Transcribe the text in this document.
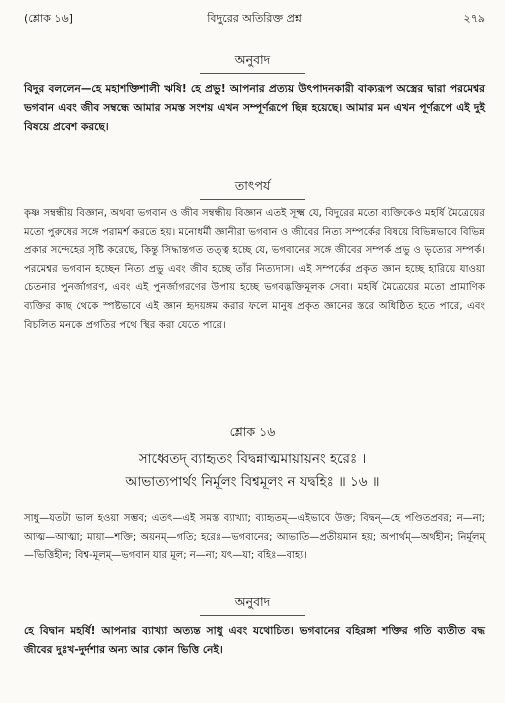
(শ্লোক ১৬]	বিদুরের অতিরিক্ত প্রশ্ন	২৭৯
অনুবাদ
বিদুর বললেন—হে মহাশক্তিশালী ঋষি! হে প্রভু! আপনার প্রত্যয় উৎপাদনকারী বাক্যরূপ অস্ত্রের দ্বারা পরমেশ্বর ভগবান এবং জীব সম্বন্ধে আমার সমস্ত সংশয় এখন সম্পূর্ণরূপে ছিন্ন হয়েছে। আমার মন এখন পূর্ণরূপে এই দুই বিষয়ে প্রবেশ করছে।
তাৎপর্য
কৃষ্ণ সম্বন্ধীয় বিজ্ঞান, অথবা ভগবান ও জীব সম্বন্ধীয় বিজ্ঞান এতই সূক্ষ্ম যে, বিদুরের মতো ব্যক্তিকেও মহর্ষি মৈত্রেয়ের মতো পুরুষের সঙ্গে পরামর্শ করতে হয়। মনোধর্মী জ্ঞানীরা ভগবান ও জীবের নিত্য সম্পর্কের বিষয়ে বিভিন্নভাবে বিভিন্ন প্রকার সন্দেহের সৃষ্টি করেছে, কিন্তু সিদ্ধান্তগত তত্ত্ব হচ্ছে যে, ভগবানের সঙ্গে জীবের সম্পর্ক প্রভু ও ভৃত্যের সম্পর্ক। পরমেশ্বর ভগবান হচ্ছেন নিত্য প্রভু এবং জীব হচ্ছে তাঁর নিত্যদাস। এই সম্পর্কের প্রকৃত জ্ঞান হচ্ছে হারিয়ে যাওয়া চেতনার পুনর্জাগরণ, এবং এই পুনর্জাগরণের উপায় হচ্ছে ভগবদ্ভক্তিমূলক সেবা। মহর্ষি মৈত্রেয়ের মতো প্রামাণিক ব্যক্তির কাছ থেকে স্পষ্টভাবে এই জ্ঞান হৃদয়ঙ্গম করার ফলে মানুষ প্রকৃত জ্ঞানের স্তরে অধিষ্ঠিত হতে পারে, এবং বিচলিত মনকে প্রগতির পথে স্থির করা যেতে পারে।
শ্লোক ১৬
সাধ্বেতদ্ ব্যাহৃতং বিদ্বন্নাত্মমায়ায়নং হরেঃ ।
আভাত্যপার্থং নির্মূলং বিশ্বমূলং ন যদ্বহিঃ ॥ ১৬ ॥
সাধু—যতটা ভাল হওয়া সম্ভব; এতৎ—এই সমস্ত ব্যাখ্যা; ব্যাহৃতম্—এইভাবে উক্ত; বিদ্বন্—হে পণ্ডিতপ্রবর; ন—না; আত্ম—আত্মা; মায়া—শক্তি; অয়নম্—গতি; হরেঃ—ভগবানের; আভাতি—প্রতীয়মান হয়; অপার্থম্—অর্থহীন; নির্মূলম্—ভিত্তিহীন; বিশ্ব-মূলম্—ভগবান যার মূল; ন—না; যৎ—যা; বহিঃ—বাহ্য।
অনুবাদ
হে বিদ্বান মহর্ষি! আপনার ব্যাখ্যা অত্যন্ত সাধু এবং যথোচিত। ভগবানের বহিরঙ্গা শক্তির গতি ব্যতীত বদ্ধ জীবের দুঃখ-দুর্দশার অন্য আর কোন ভিত্তি নেই।
